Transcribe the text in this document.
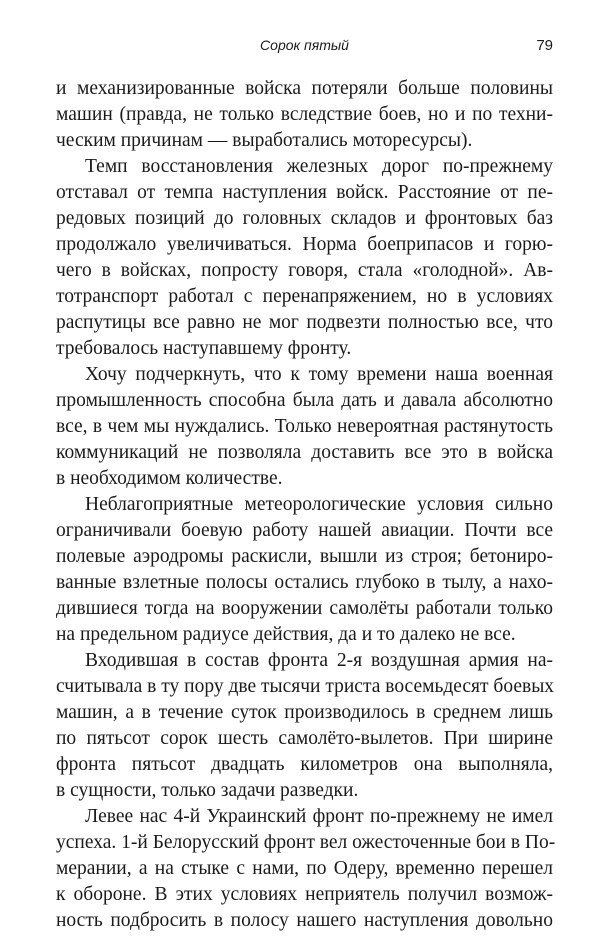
Сорок пятый	79
и механизированные войска потеряли больше половины
машин (правда, не только вследствие боев, но и по техни-
ческим причинам — выработались моторесурсы).
Темп восстановления железных дорог по-прежнему
отставал от темпа наступления войск. Расстояние от пе-
редовых позиций до головных складов и фронтовых баз
продолжало увеличиваться. Норма боеприпасов и горю-
чего в войсках, попросту говоря, стала «голодной». Ав-
тотранспорт работал с перенапряжением, но в условиях
распутицы все равно не мог подвезти полностью все, что
требовалось наступавшему фронту.
Хочу подчеркнуть, что к тому времени наша военная
промышленность способна была дать и давала абсолютно
все, в чем мы нуждались. Только невероятная растянутость
коммуникаций не позволяла доставить все это в войска
в необходимом количестве.
Неблагоприятные метеорологические условия сильно
ограничивали боевую работу нашей авиации. Почти все
полевые аэродромы раскисли, вышли из строя; бетониро-
ванные взлетные полосы остались глубоко в тылу, а нахо-
дившиеся тогда на вооружении самолёты работали только
на предельном радиусе действия, да и то далеко не все.
Входившая в состав фронта 2-я воздушная армия на-
считывала в ту пору две тысячи триста восемьдесят боевых
машин, а в течение суток производилось в среднем лишь
по пятьсот сорок шесть самолёто-вылетов. При ширине
фронта пятьсот двадцать километров она выполняла,
в сущности, только задачи разведки.
Левее нас 4-й Украинский фронт по-прежнему не имел
успеха. 1-й Белорусский фронт вел ожесточенные бои в По-
мерании, а на стыке с нами, по Одеру, временно перешел
к обороне. В этих условиях неприятель получил возмож-
ность подбросить в полосу нашего наступления довольно
